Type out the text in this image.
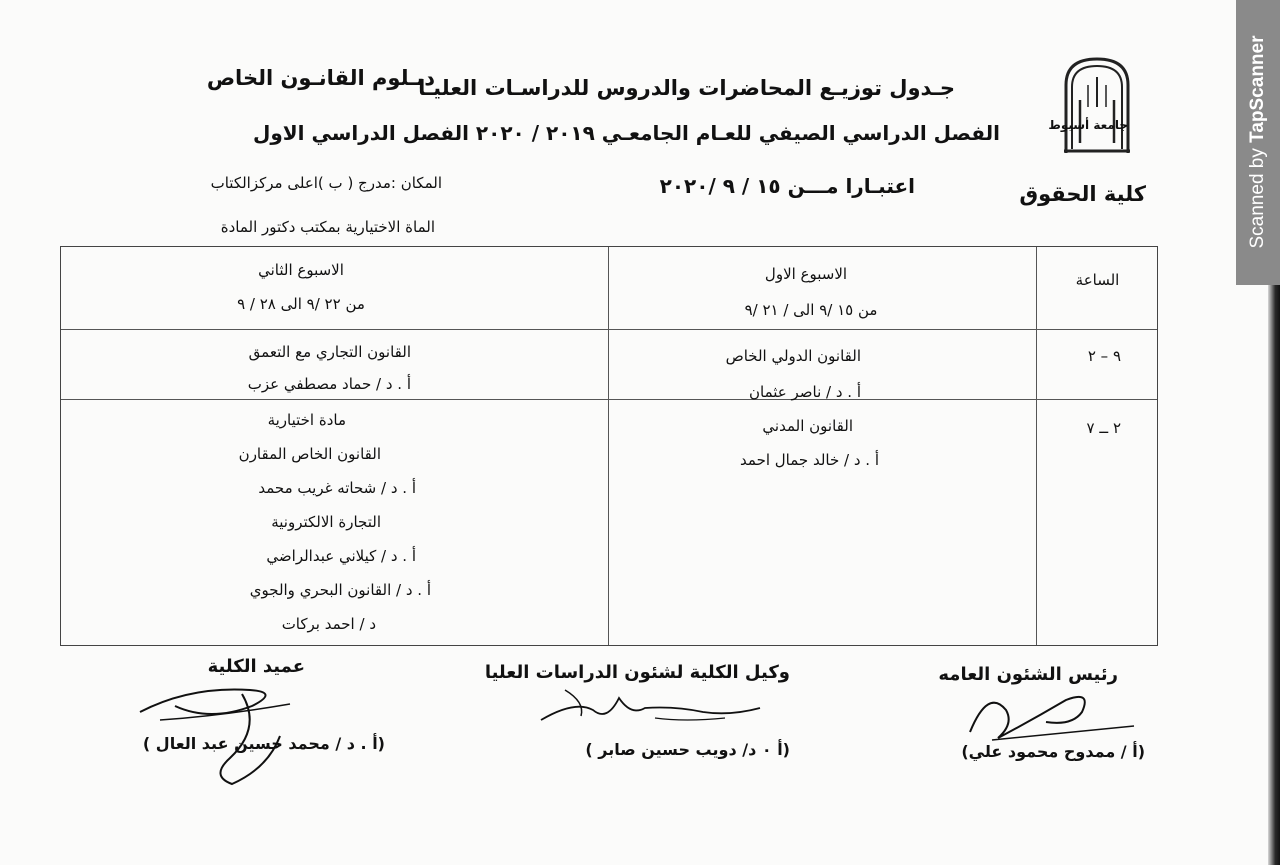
Scanned by TapScanner
جامعة أسيوط
جـدول توزيـع المحاضرات والدروس للدراسـات العليـا
دبـلوم القانـون الخاص
الفصل الدراسي الصيفي للعـام الجامعـي ٢٠١٩ / ٢٠٢٠ الفصل الدراسي الاول
كلية الحقوق
اعتبـارا مـــن ١٥ / ٩ /٢٠٢٠
المكان :مدرج ( ب )اعلى مركزالكتاب
الماة الاختيارية بمكتب دكتور المادة
الساعة
الاسبوع الاول
من ١٥ /٩ الى / ٢١ /٩
الاسبوع الثاني
من ٢٢ /٩ الى ٢٨ / ٩
٩ – ٢
القانون الدولي الخاص
أ . د / ناصر عثمان
القانون التجاري مع التعمق
أ . د / حماد مصطفي عزب
٢ ــ ٧
القانون المدني
أ . د / خالد جمال احمد
مادة اختيارية
القانون الخاص المقارن
أ . د / شحاته غريب محمد
التجارة الالكترونية
أ . د / كيلاني عبدالراضي
أ . د / القانون البحري والجوي
د / احمد بركات
عميد الكلية
(أ . د / محمد حسين عبد العال )
وكيل الكلية لشئون الدراسات العليا
(أ ٠ د/ دويب حسين صابر )
رئيس الشئون العامه
(أ / ممدوح محمود علي)
